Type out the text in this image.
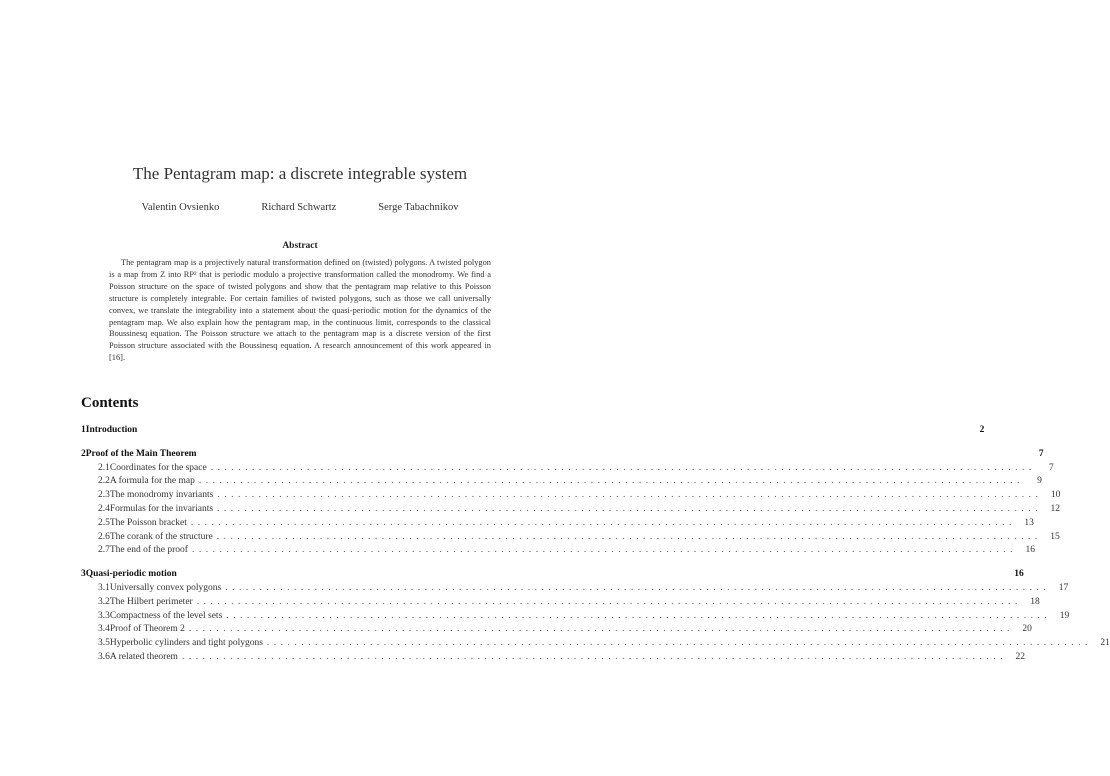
The Pentagram map: a discrete integrable system
Valentin Ovsienko	Richard Schwartz	Serge Tabachnikov
Abstract

The pentagram map is a projectively natural transformation defined on (twisted) polygons. A twisted polygon is a map from Z into RP² that is periodic modulo a projective transformation called the monodromy. We find a Poisson structure on the space of twisted polygons and show that the pentagram map relative to this Poisson structure is completely integrable. For certain families of twisted polygons, such as those we call universally convex, we translate the integrability into a statement about the quasi-periodic motion for the dynamics of the pentagram map. We also explain how the pentagram map, in the continuous limit, corresponds to the classical Boussinesq equation. The Poisson structure we attach to the pentagram map is a discrete version of the first Poisson structure associated with the Boussinesq equation. A research announcement of this work appeared in [16].

Contents
1 Introduction	2
2 Proof of the Main Theorem	7
2.1 Coordinates for the space ........................................................................................................................	7
2.2 A formula for the map ........................................................................................................................	9
2.3 The monodromy invariants ........................................................................................................................ 10
2.4 Formulas for the invariants ........................................................................................................................ 12
2.5 The Poisson bracket ........................................................................................................................ 13
2.6 The corank of the structure ........................................................................................................................ 15
2.7 The end of the proof ........................................................................................................................ 16
3 Quasi-periodic motion	16
3.1 Universally convex polygons ........................................................................................................................ 17
3.2 The Hilbert perimeter ........................................................................................................................ 18
3.3 Compactness of the level sets ........................................................................................................................ 19
3.4 Proof of Theorem 2 ........................................................................................................................ 20
3.5 Hyperbolic cylinders and tight polygons ........................................................................................................................ 21
3.6 A related theorem ........................................................................................................................ 22
